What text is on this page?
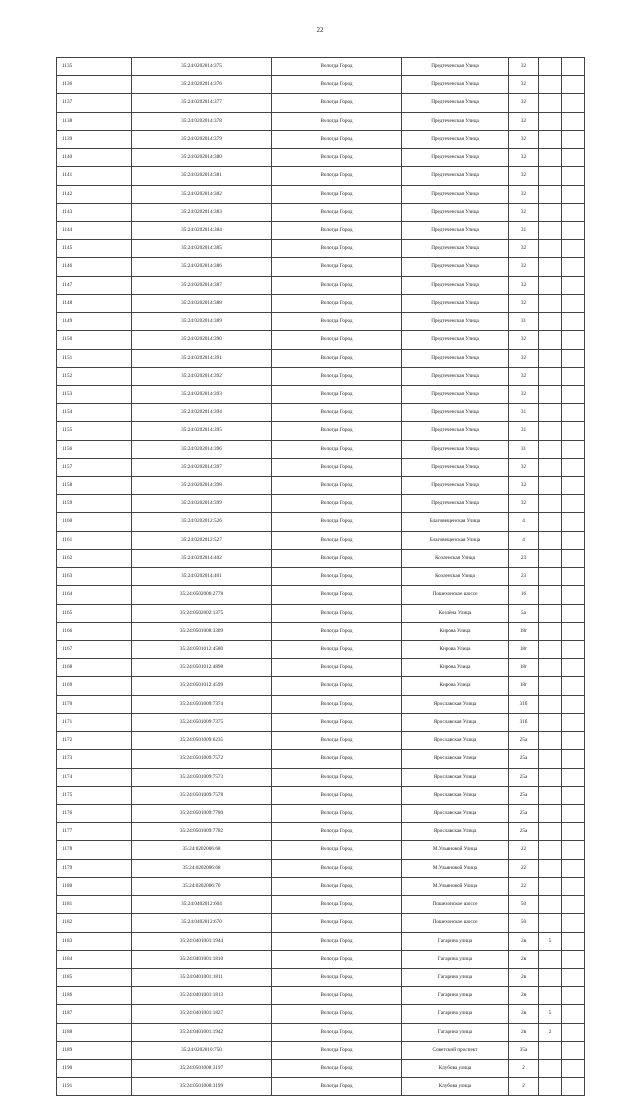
22
1135	35:24:0202014:375	Вологда Город	Предтеченская Улица	32		
1136	35:24:0202014:376	Вологда Город	Предтеченская Улица	32		
1137	35:24:0202014:377	Вологда Город	Предтеченская Улица	32		
1138	35:24:0202014:378	Вологда Город	Предтеченская Улица	32		
1139	35:24:0202014:379	Вологда Город	Предтеченская Улица	32		
1140	35:24:0202014:380	Вологда Город	Предтеченская Улица	32		
1141	35:24:0202014:381	Вологда Город	Предтеченская Улица	32		
1142	35:24:0202014:382	Вологда Город	Предтеченская Улица	32		
1143	35:24:0202014:383	Вологда Город	Предтеченская Улица	32		
1144	35:24:0202014:384	Вологда Город	Предтеченская Улица	31		
1145	35:24:0202014:385	Вологда Город	Предтеченская Улица	32		
1146	35:24:0202014:386	Вологда Город	Предтеченская Улица	32		
1147	35:24:0202014:387	Вологда Город	Предтеченская Улица	32		
1148	35:24:0202014:388	Вологда Город	Предтеченская Улица	32		
1149	35:24:0202014:389	Вологда Город	Предтеченская Улица	31		
1150	35:24:0202014:390	Вологда Город	Предтеченская Улица	32		
1151	35:24:0202014:391	Вологда Город	Предтеченская Улица	32		
1152	35:24:0202014:392	Вологда Город	Предтеченская Улица	32		
1153	35:24:0202014:393	Вологда Город	Предтеченская Улица	32		
1154	35:24:0202014:394	Вологда Город	Предтеченская Улица	31		
1155	35:24:0202014:395	Вологда Город	Предтеченская Улица	31		
1156	35:24:0202014:396	Вологда Город	Предтеченская Улица	31		
1157	35:24:0202014:397	Вологда Город	Предтеченская Улица	32		
1158	35:24:0202014:398	Вологда Город	Предтеченская Улица	32		
1159	35:24:0202014:399	Вологда Город	Предтеченская Улица	32		
1160	35:24:0202012:526	Вологда Город	Благовещенская Улица	4		
1161	35:24:0202012:527	Вологда Город	Благовещенская Улица	4		
1162	35:24:0202014:402	Вологда Город	Козленская Улица	23		
1163	35:24:0202014:401	Вологда Город	Козленская Улица	23		
1164	35:24:0502006:2778	Вологда Город	Пошехонское шоссе	16		
1165	35:24:0502002:1375	Вологда Город	Козлёна Улица	5а		
1166	35:24:0501008:3309	Вологда Город	Кирова Улица	18г		
1167	35:24:0501012:4580	Вологда Город	Кирова Улица	18г		
1168	35:24:0501012:4898	Вологда Город	Кирова Улица	18г		
1169	35:24:0501012:4599	Вологда Город	Кирова Улица	18г		
1170	35:24:0501009:7374	Вологда Город	Ярославская Улица	31б		
1171	35:24:0501009:7375	Вологда Город	Ярославская Улица	31б		
1172	35:24:0501009:6235	Вологда Город	Ярославская Улица	25а		
1173	35:24:0501009:7572	Вологда Город	Ярославская Улица	25а		
1174	35:24:0501009:7573	Вологда Город	Ярославская Улица	25а		
1175	35:24:0501009:7578	Вологда Город	Ярославская Улица	25а		
1176	35:24:0501009:7780	Вологда Город	Ярославская Улица	25а		
1177	35:24:0501009:7782	Вологда Город	Ярославская Улица	25а		
1178	35:24:0202006:68	Вологда Город	М.Ульяновой Улица	22		
1179	35:24:0202006:68	Вологда Город	М.Ульяновой Улица	22		
1180	35:24:0202006:70	Вологда Город	М.Ульяновой Улица	22		
1181	35:24:0402012:604	Вологда Город	Пошехонское шоссе	50		
1182	35:24:0402012:670	Вологда Город	Пошехонское шоссе	50		
1183	35:24:0401001:1944	Вологда Город	Гагарина улица	2в	5	
1184	35:24:0401001:1810	Вологда Город	Гагарина улица	2в		
1185	35:24:0401001:1811	Вологда Город	Гагарина улица	2в		
1186	35:24:0401001:1813	Вологда Город	Гагарина улица	2в		
1187	35:24:0401001:1827	Вологда Город	Гагарина улица	2в	5	
1188	35:24:0401001:1942	Вологда Город	Гагарина улица	2в	2	
1189	35:24:0202010:750	Вологда Город	Советский проспект	35а		
1190	35:24:0501008:3197	Вологда Город	Клубова улица	2		
1191	35:24:0501008:3199	Вологда Город	Клубова улица	2		
